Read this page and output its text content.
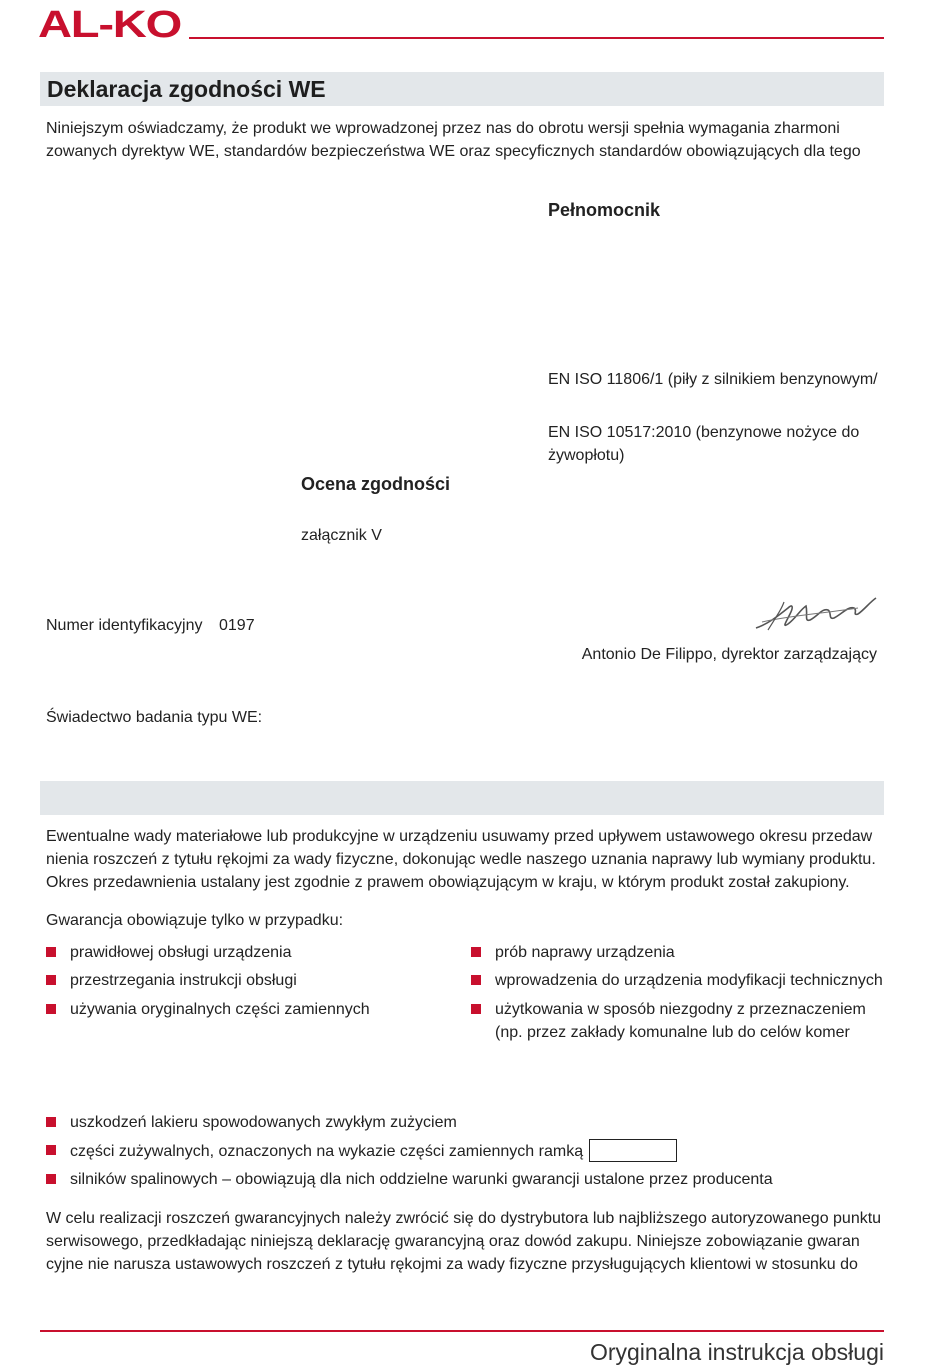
AL-KO
Deklaracja zgodności WE
Niniejszym oświadczamy, że produkt we wprowadzonej przez nas do obrotu wersji spełnia wymagania zharmoni
zowanych dyrektyw WE, standardów bezpieczeństwa WE oraz specyficznych standardów obowiązujących dla tego
Pełnomocnik
EN ISO 11806/1 (piły z silnikiem benzynowym/
EN ISO 10517:2010 (benzynowe nożyce do
żywopłotu)
Ocena zgodności
załącznik V
Numer identyfikacyjny 0197
Antonio De Filippo, dyrektor zarządzający
Świadectwo badania typu WE:
Ewentualne wady materiałowe lub produkcyjne w urządzeniu usuwamy przed upływem ustawowego okresu przedaw
nienia roszczeń z tytułu rękojmi za wady fizyczne, dokonując wedle naszego uznania naprawy lub wymiany produktu.
Okres przedawnienia ustalany jest zgodnie z prawem obowiązującym w kraju, w którym produkt został zakupiony.
Gwarancja obowiązuje tylko w przypadku:
prawidłowej obsługi urządzenia
przestrzegania instrukcji obsługi
używania oryginalnych części zamiennych
prób naprawy urządzenia
wprowadzenia do urządzenia modyfikacji technicznych
użytkowania w sposób niezgodny z przeznaczeniem
(np. przez zakłady komunalne lub do celów komer
uszkodzeń lakieru spowodowanych zwykłym zużyciem
części zużywalnych, oznaczonych na wykazie części zamiennych ramką
silników spalinowych – obowiązują dla nich oddzielne warunki gwarancji ustalone przez producenta
W celu realizacji roszczeń gwarancyjnych należy zwrócić się do dystrybutora lub najbliższego autoryzowanego punktu
serwisowego, przedkładając niniejszą deklarację gwarancyjną oraz dowód zakupu. Niniejsze zobowiązanie gwaran
cyjne nie narusza ustawowych roszczeń z tytułu rękojmi za wady fizyczne przysługujących klientowi w stosunku do
Oryginalna instrukcja obsługi
